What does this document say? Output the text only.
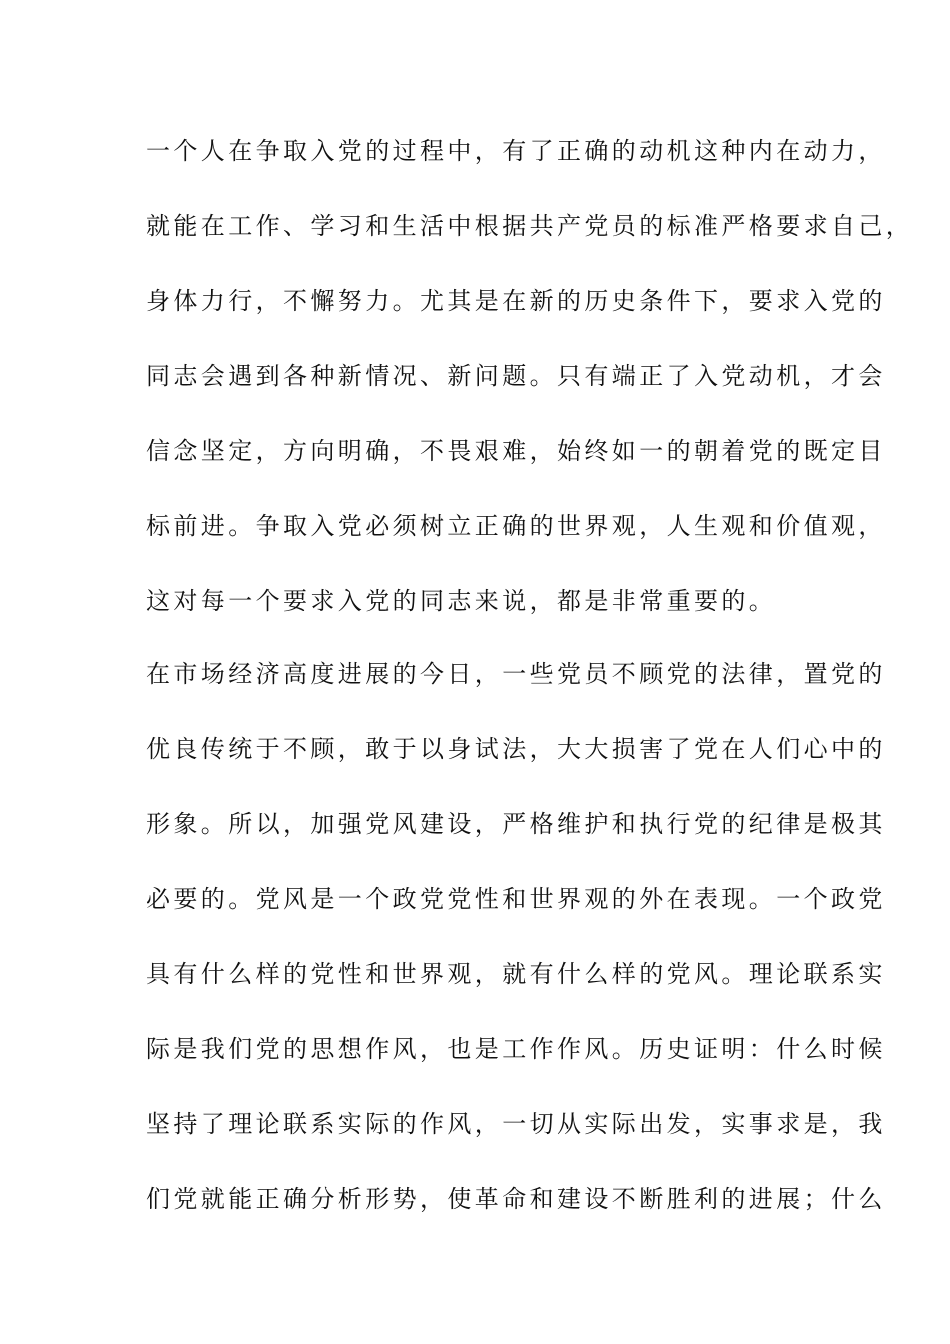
一个人在争取入党的过程中，有了正确的动机这种内在动力，
就能在工作、学习和生活中根据共产党员的标准严格要求自己，
身体力行，不懈努力。尤其是在新的历史条件下，要求入党的
同志会遇到各种新情况、新问题。只有端正了入党动机，才会
信念坚定，方向明确，不畏艰难，始终如一的朝着党的既定目
标前进。争取入党必须树立正确的世界观，人生观和价值观，
这对每一个要求入党的同志来说，都是非常重要的。
在市场经济高度进展的今日，一些党员不顾党的法律，置党的
优良传统于不顾，敢于以身试法，大大损害了党在人们心中的
形象。所以，加强党风建设，严格维护和执行党的纪律是极其
必要的。党风是一个政党党性和世界观的外在表现。一个政党
具有什么样的党性和世界观，就有什么样的党风。理论联系实
际是我们党的思想作风，也是工作作风。历史证明：什么时候
坚持了理论联系实际的作风，一切从实际出发，实事求是，我
们党就能正确分析形势，使革命和建设不断胜利的进展；什么
